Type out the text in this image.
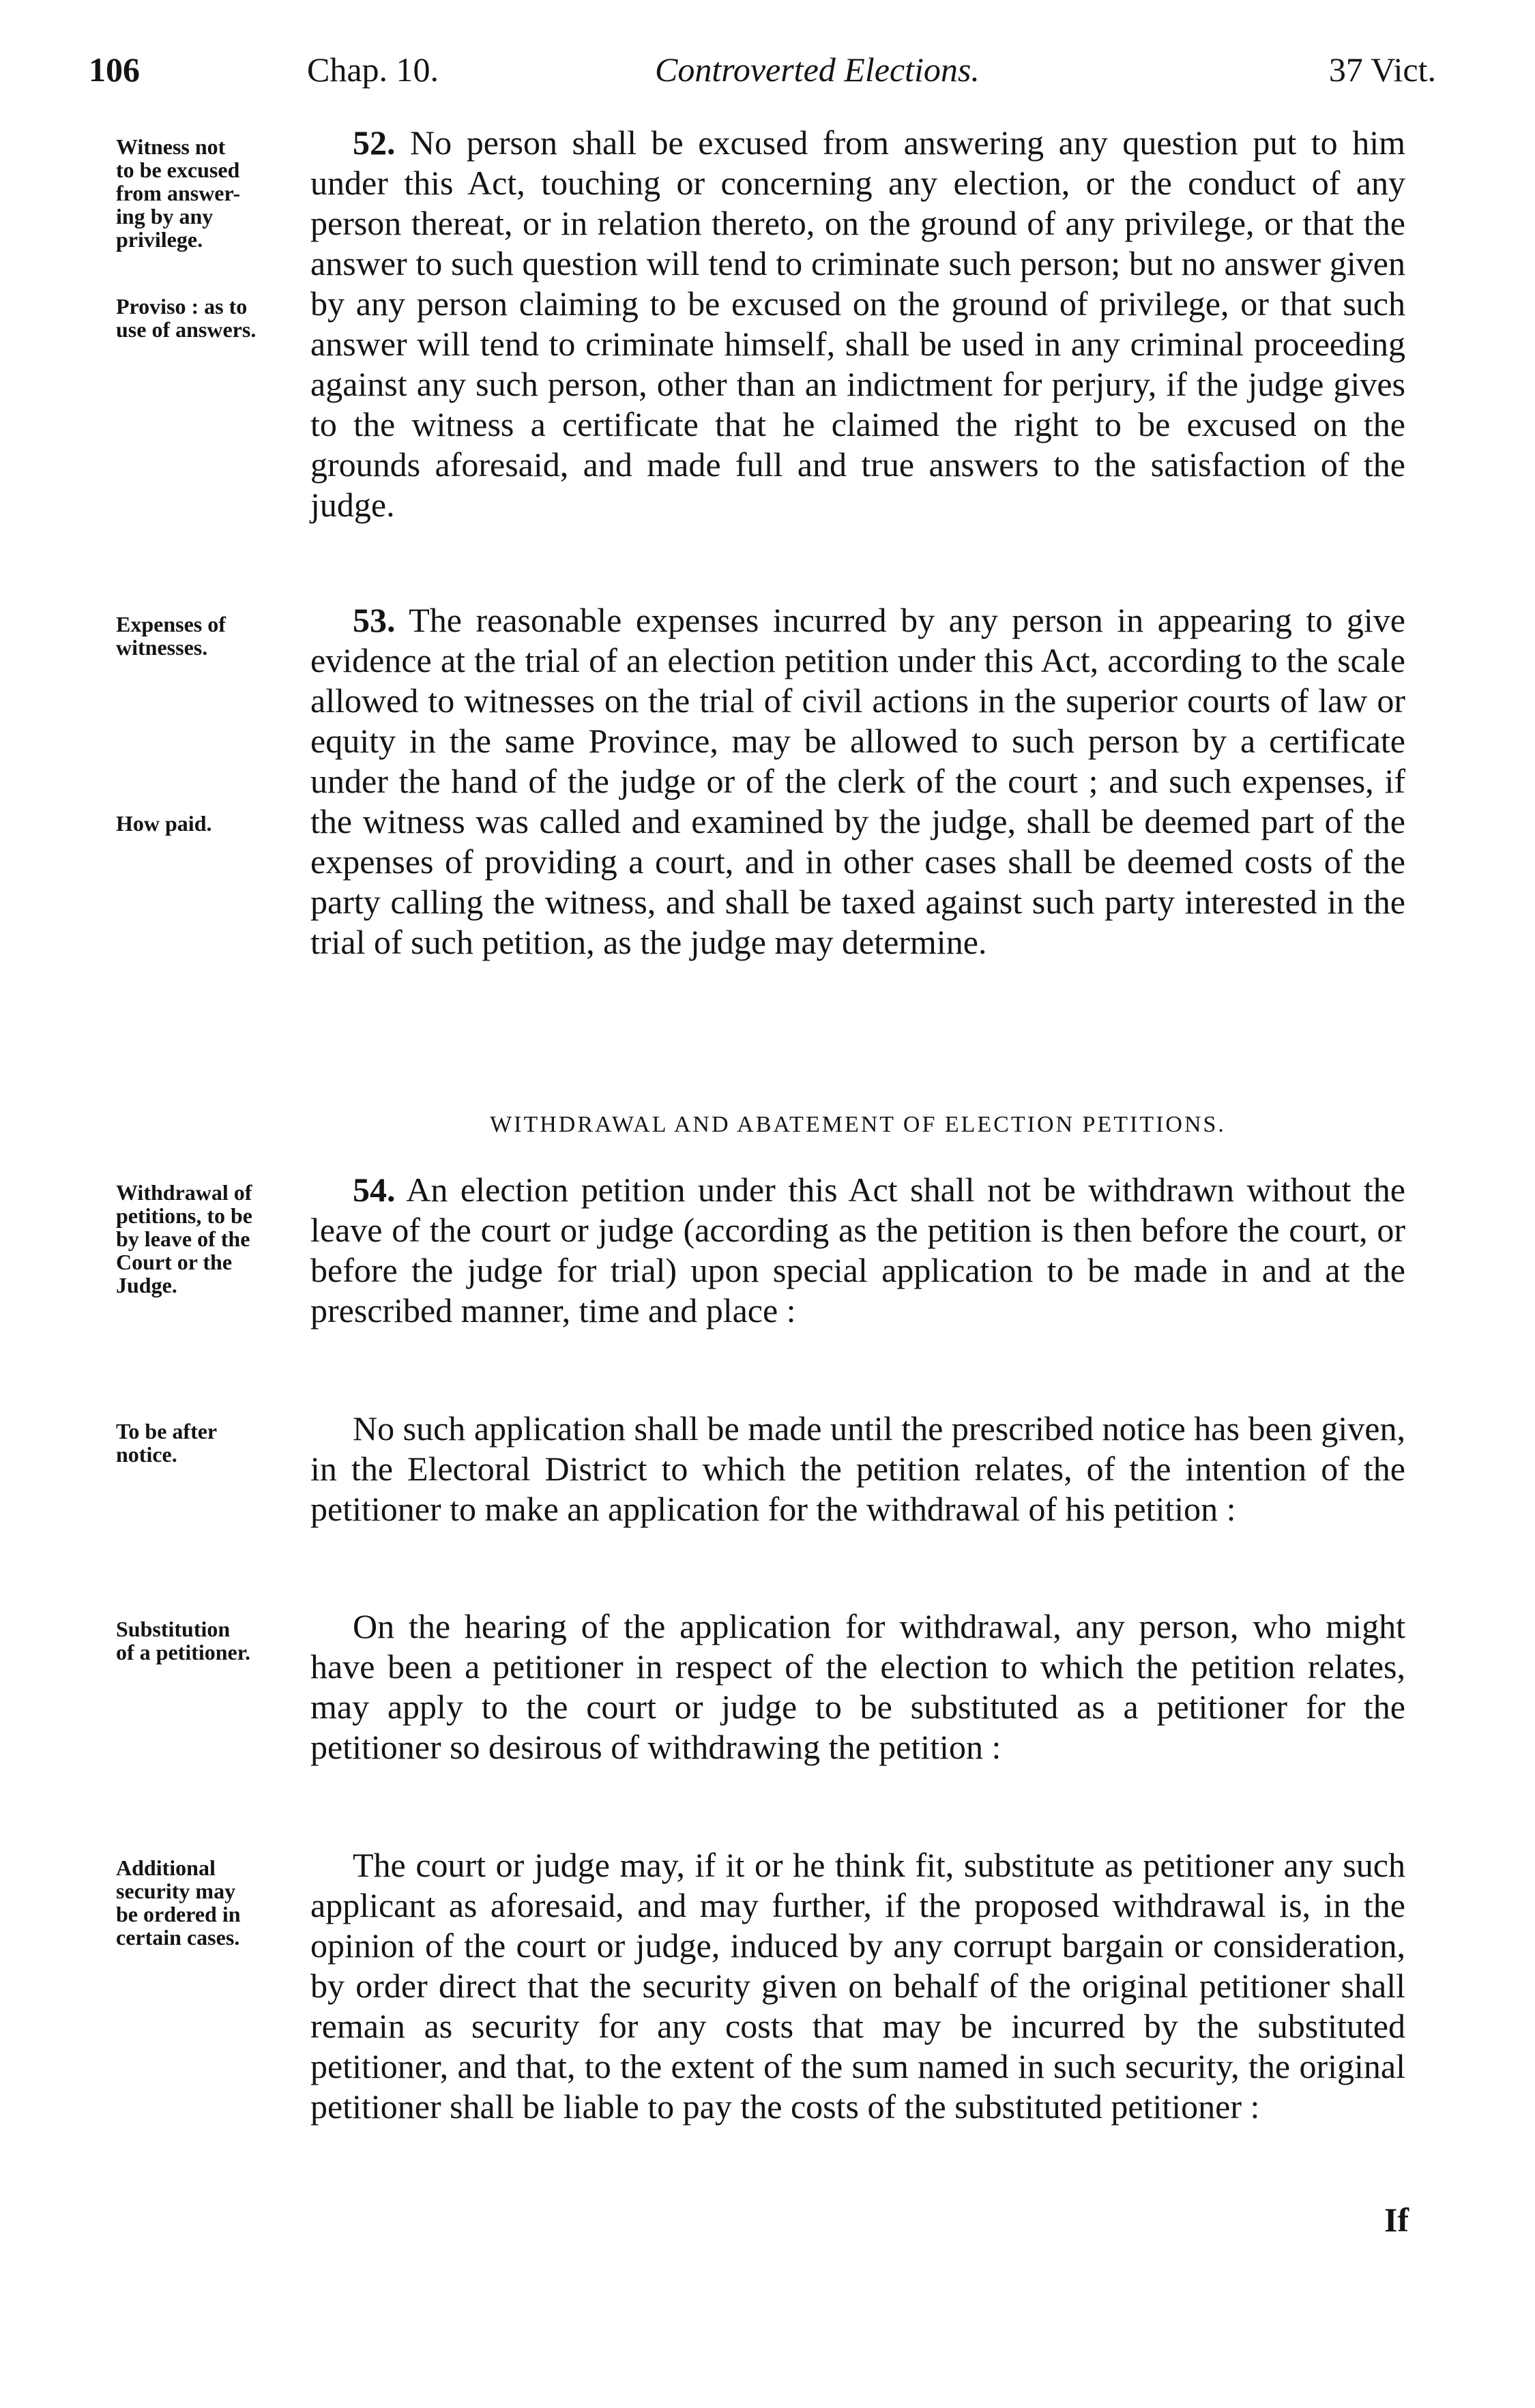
106	Chap. 10.	Controverted Elections.	37 Vict.
Witness not
to be excused
from answer-
ing by any
privilege.
Proviso : as to
use of answers.
52. No person shall be excused from answering any question put to him under this Act, touching or concerning any election, or the conduct of any person thereat, or in relation thereto, on the ground of any privilege, or that the answer to such question will tend to criminate such person; but no answer given by any person claiming to be excused on the ground of privilege, or that such answer will tend to criminate himself, shall be used in any criminal proceeding against any such person, other than an indictment for perjury, if the judge gives to the witness a certificate that he claimed the right to be excused on the grounds aforesaid, and made full and true answers to the satisfaction of the judge.
Expenses of
witnesses.
How paid.
53. The reasonable expenses incurred by any person in appearing to give evidence at the trial of an election petition under this Act, according to the scale allowed to witnesses on the trial of civil actions in the superior courts of law or equity in the same Province, may be allowed to such person by a certificate under the hand of the judge or of the clerk of the court ; and such expenses, if the witness was called and examined by the judge, shall be deemed part of the expenses of providing a court, and in other cases shall be deemed costs of the party calling the witness, and shall be taxed against such party interested in the trial of such petition, as the judge may determine.
WITHDRAWAL AND ABATEMENT OF ELECTION PETITIONS.
Withdrawal of
petitions, to be
by leave of the
Court or the
Judge.
54. An election petition under this Act shall not be withdrawn without the leave of the court or judge (according as the petition is then before the court, or before the judge for trial) upon special application to be made in and at the prescribed manner, time and place :
To be after
notice.
No such application shall be made until the prescribed notice has been given, in the Electoral District to which the petition relates, of the intention of the petitioner to make an application for the withdrawal of his petition :
Substitution
of a petitioner.
On the hearing of the application for withdrawal, any person, who might have been a petitioner in respect of the election to which the petition relates, may apply to the court or judge to be substituted as a petitioner for the petitioner so desirous of withdrawing the petition :
Additional
security may
be ordered in
certain cases.
The court or judge may, if it or he think fit, substitute as petitioner any such applicant as aforesaid, and may further, if the proposed withdrawal is, in the opinion of the court or judge, induced by any corrupt bargain or consideration, by order direct that the security given on behalf of the original petitioner shall remain as security for any costs that may be incurred by the substituted petitioner, and that, to the extent of the sum named in such security, the original petitioner shall be liable to pay the costs of the substituted petitioner :
If
